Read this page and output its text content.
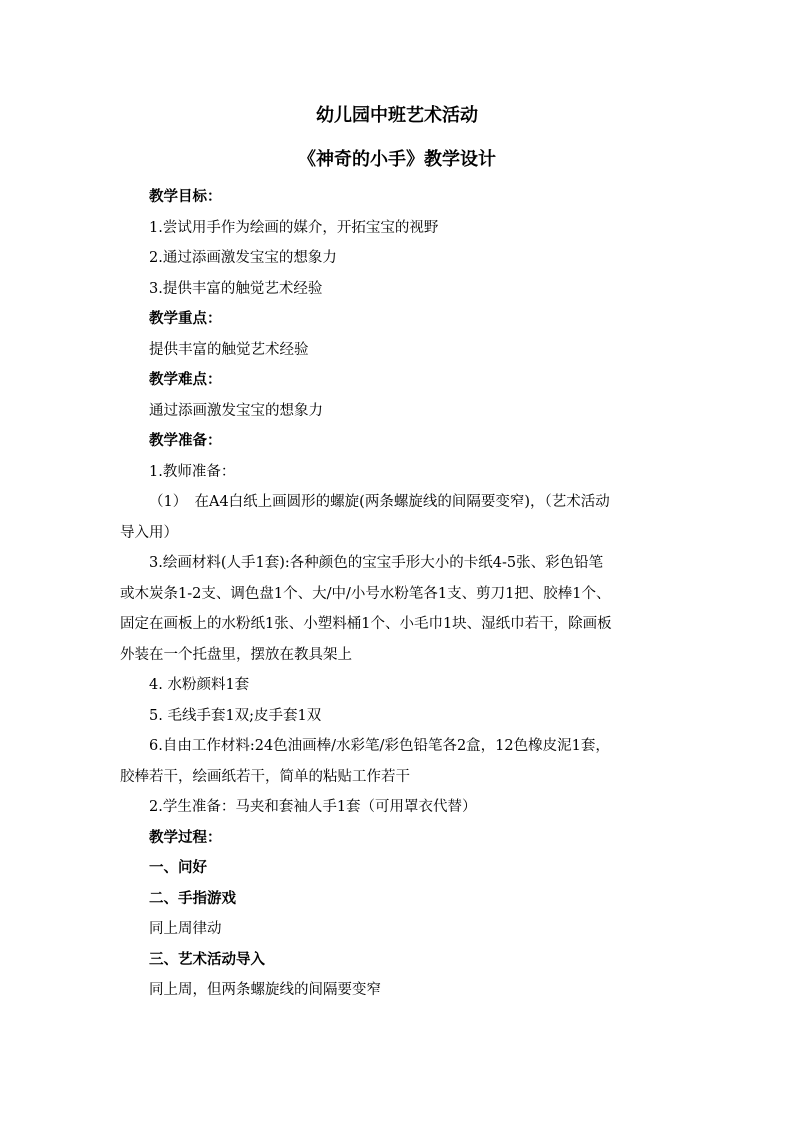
幼儿园中班艺术活动
《神奇的小手》教学设计
教学目标：
1.尝试用手作为绘画的媒介，开拓宝宝的视野
2.通过添画激发宝宝的想象力
3.提供丰富的触觉艺术经验
教学重点：
提供丰富的触觉艺术经验
教学难点：
通过添画激发宝宝的想象力
教学准备：
1.教师准备：
（1）　在A4白纸上画圆形的螺旋(两条螺旋线的间隔要变窄)，（艺术活动
导入用）
3.绘画材料(人手1套):各种颜色的宝宝手形大小的卡纸4-5张、彩色铅笔
或木炭条1-2支、调色盘1个、大/中/小号水粉笔各1支、剪刀1把、胶棒1个、
固定在画板上的水粉纸1张、小塑料桶1个、小毛巾1块、湿纸巾若干，除画板
外装在一个托盘里，摆放在教具架上
4. 水粉颜料1套
5. 毛线手套1双;皮手套1双
6.自由工作材料:24色油画棒/水彩笔/彩色铅笔各2盒，12色橡皮泥1套，
胶棒若干，绘画纸若干，简单的粘贴工作若干
2.学生准备：马夹和套袖人手1套（可用罩衣代替）
教学过程：
一、问好
二、手指游戏
同上周律动
三、艺术活动导入
同上周，但两条螺旋线的间隔要变窄
